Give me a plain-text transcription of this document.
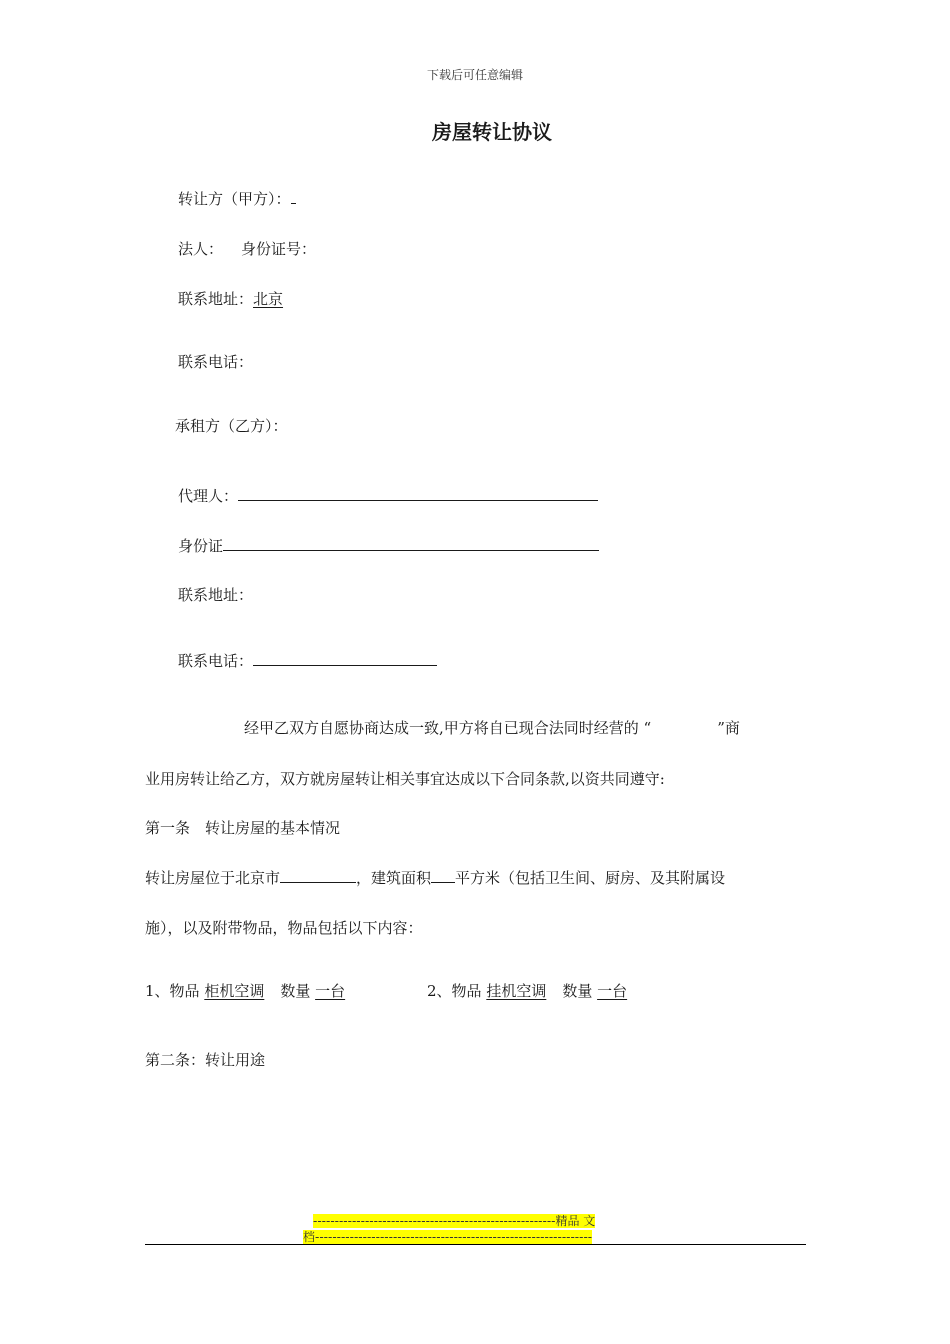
下载后可任意编辑
房屋转让协议
转让方（甲方）：
法人： 身份证号：
联系地址：北京
联系电话：
承租方（乙方）：
代理人：
身份证
联系地址：
联系电话：
经甲乙双方自愿协商达成一致,甲方将自已现合法同时经营的 “	”商
业用房转让给乙方，双方就房屋转让相关事宜达成以下合同条款,以资共同遵守:
第一条　转让房屋的基本情况
转让房屋位于北京市	，建筑面积 平方米（包括卫生间、厨房、及其附属设
施），以及附带物品，物品包括以下内容：
1、物品 柜机空调 数量 一台	2、物品 挂机空调 数量 一台
第二条：转让用途
--------------------------------------------------------精品 文
档----------------------------------------------------------------
